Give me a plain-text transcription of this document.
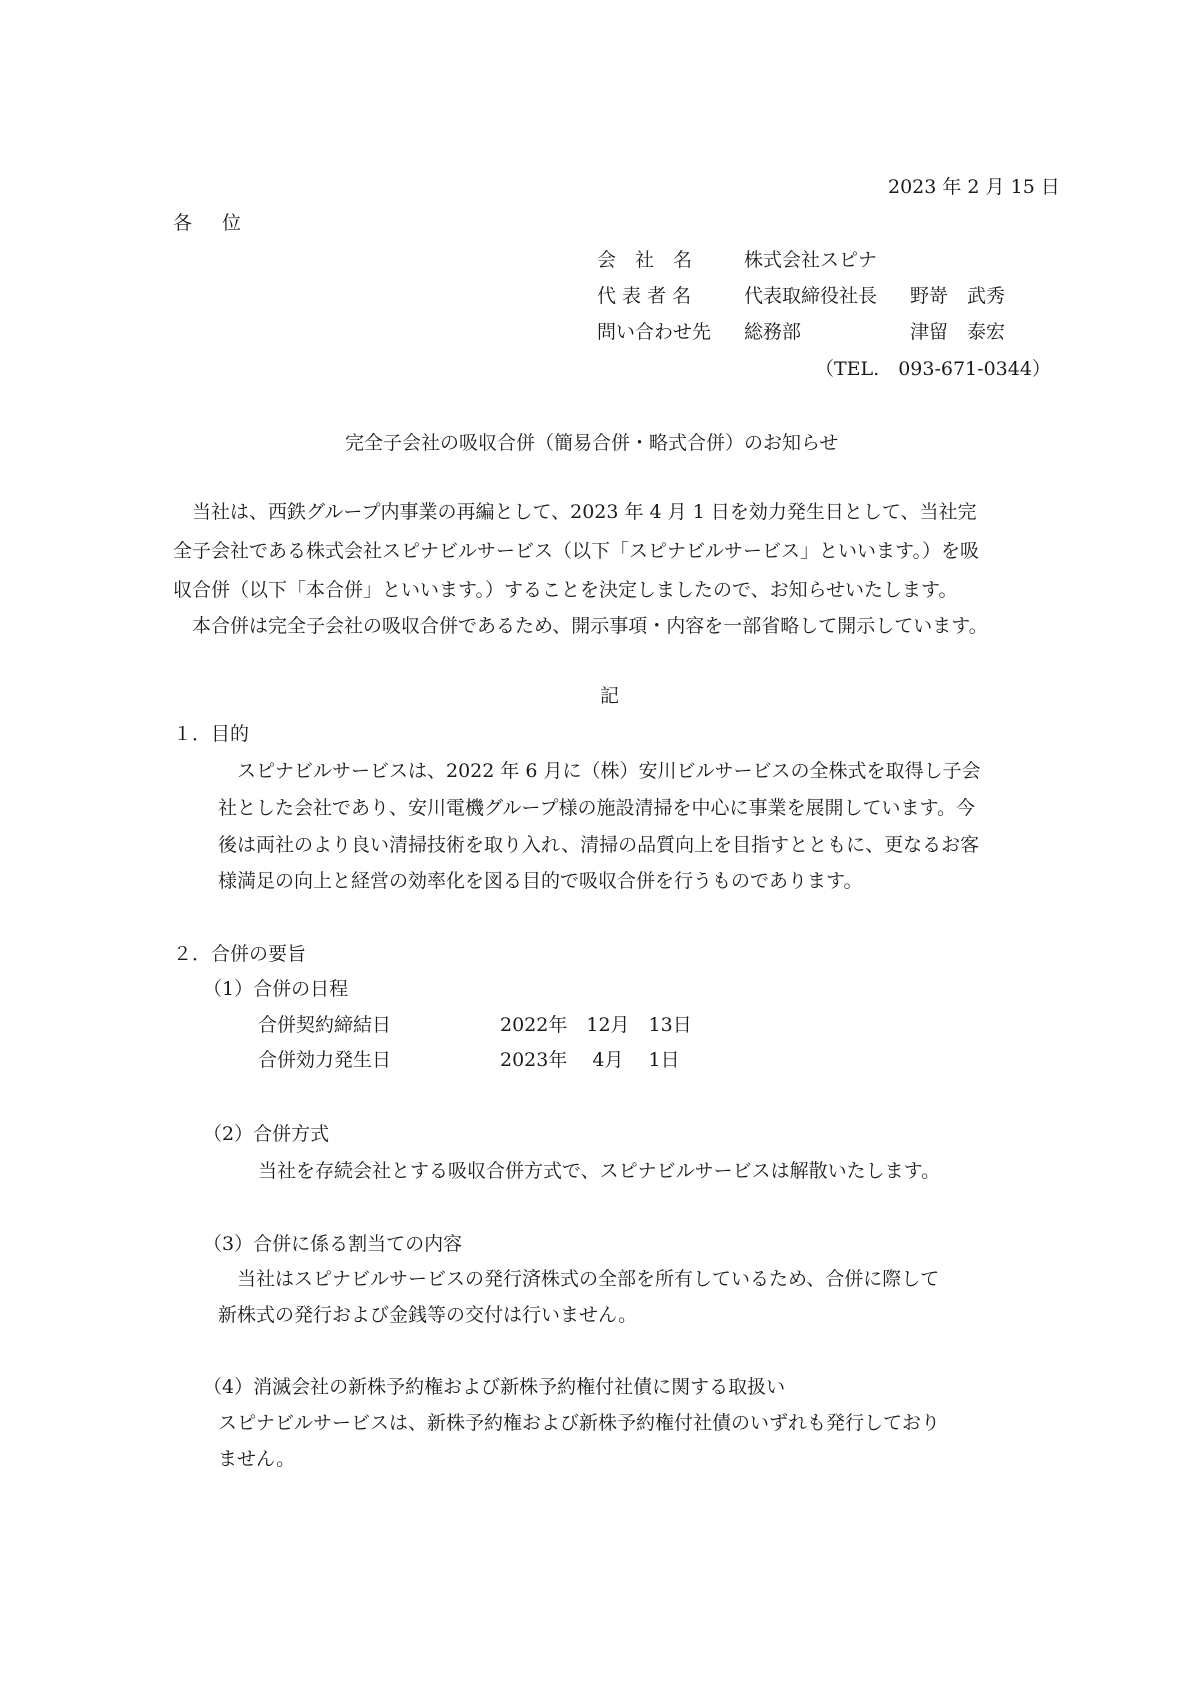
2023 年 2 月 15 日
各位
会　社　名	株式会社スピナ
代 表 者 名	代表取締役社長 野嵜　武秀
問い合わせ先 総務部	津留　泰宏
（TEL.　093-671-0344）
完全子会社の吸収合併（簡易合併・略式合併）のお知らせ
　当社は、西鉄グループ内事業の再編として、2023 年 4 月 1 日を効力発生日として、当社完
全子会社である株式会社スピナビルサービス（以下「スピナビルサービス」といいます。）を吸
収合併（以下「本合併」といいます。）することを決定しましたので、お知らせいたします。
　本合併は完全子会社の吸収合併であるため、開示事項・内容を一部省略して開示しています。
記
１．目的
　スピナビルサービスは、2022 年 6 月に（株）安川ビルサービスの全株式を取得し子会
社とした会社であり、安川電機グループ様の施設清掃を中心に事業を展開しています。今
後は両社のより良い清掃技術を取り入れ、清掃の品質向上を目指すとともに、更なるお客
様満足の向上と経営の効率化を図る目的で吸収合併を行うものであります。
２．合併の要旨
（1）合併の日程
合併契約締結日	2022年　12月　13日
合併効力発生日	2023年　 4月　 1日
（2）合併方式
当社を存続会社とする吸収合併方式で、スピナビルサービスは解散いたします。
（3）合併に係る割当ての内容
　当社はスピナビルサービスの発行済株式の全部を所有しているため、合併に際して
新株式の発行および金銭等の交付は行いません。
（4）消滅会社の新株予約権および新株予約権付社債に関する取扱い
スピナビルサービスは、新株予約権および新株予約権付社債のいずれも発行しており
ません。
